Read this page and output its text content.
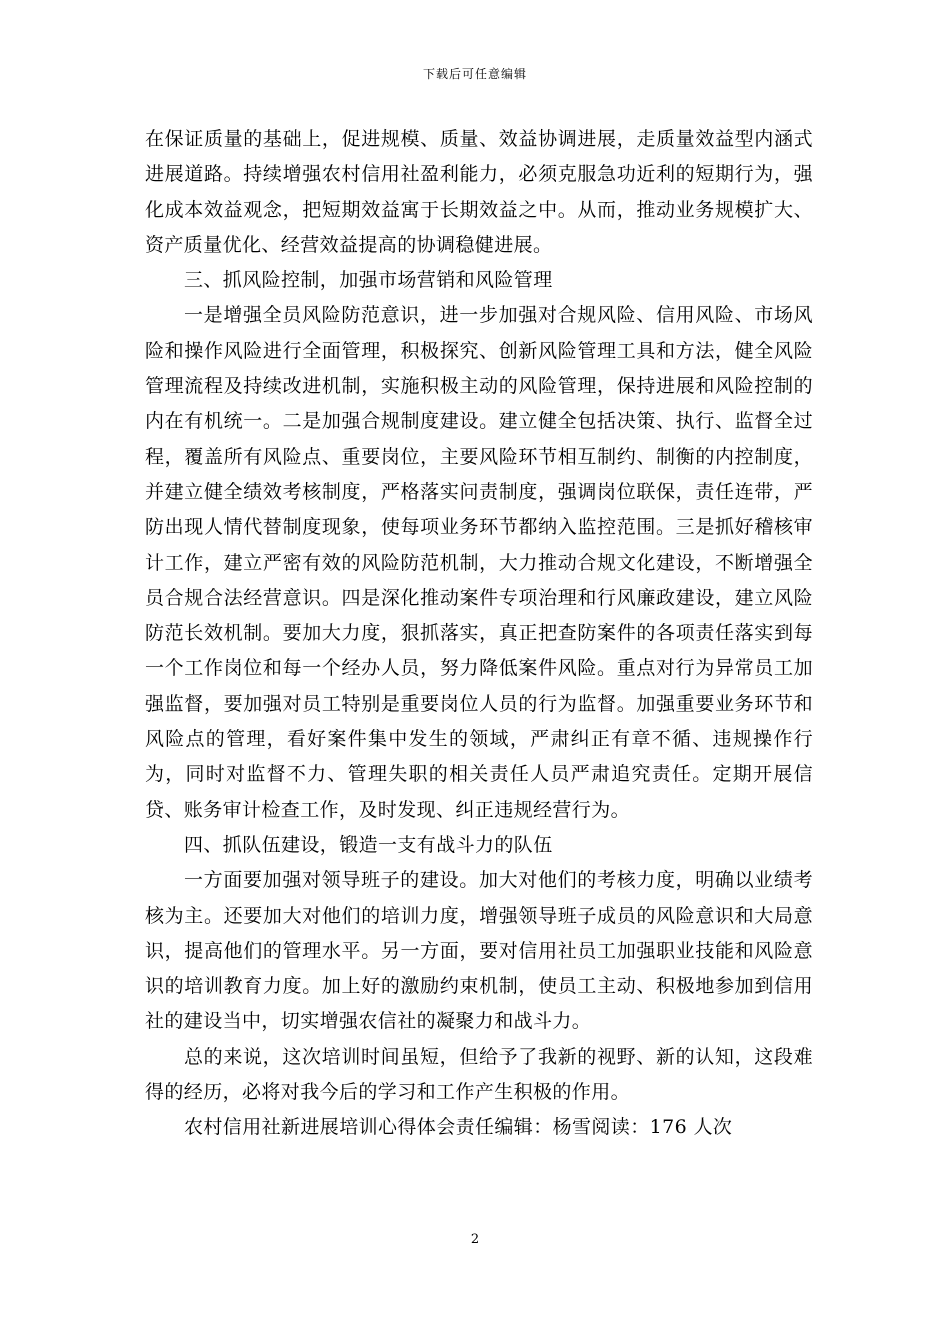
下载后可任意编辑

在保证质量的基础上，促进规模、质量、效益协调进展，走质量效益型内涵式进展道路。持续增强农村信用社盈利能力，必须克服急功近利的短期行为，强化成本效益观念，把短期效益寓于长期效益之中。从而，推动业务规模扩大、资产质量优化、经营效益提高的协调稳健进展。

三、抓风险控制，加强市场营销和风险管理

一是增强全员风险防范意识，进一步加强对合规风险、信用风险、市场风险和操作风险进行全面管理，积极探究、创新风险管理工具和方法，健全风险管理流程及持续改进机制，实施积极主动的风险管理，保持进展和风险控制的内在有机统一。二是加强合规制度建设。建立健全包括决策、执行、监督全过程，覆盖所有风险点、重要岗位，主要风险环节相互制约、制衡的内控制度，并建立健全绩效考核制度，严格落实问责制度，强调岗位联保，责任连带，严防出现人情代替制度现象，使每项业务环节都纳入监控范围。三是抓好稽核审计工作，建立严密有效的风险防范机制，大力推动合规文化建设，不断增强全员合规合法经营意识。四是深化推动案件专项治理和行风廉政建设，建立风险防范长效机制。要加大力度，狠抓落实，真正把查防案件的各项责任落实到每一个工作岗位和每一个经办人员，努力降低案件风险。重点对行为异常员工加强监督，要加强对员工特别是重要岗位人员的行为监督。加强重要业务环节和风险点的管理，看好案件集中发生的领域，严肃纠正有章不循、违规操作行为，同时对监督不力、管理失职的相关责任人员严肃追究责任。定期开展信贷、账务审计检查工作，及时发现、纠正违规经营行为。

四、抓队伍建设，锻造一支有战斗力的队伍

一方面要加强对领导班子的建设。加大对他们的考核力度，明确以业绩考核为主。还要加大对他们的培训力度，增强领导班子成员的风险意识和大局意识，提高他们的管理水平。另一方面，要对信用社员工加强职业技能和风险意识的培训教育力度。加上好的激励约束机制，使员工主动、积极地参加到信用社的建设当中，切实增强农信社的凝聚力和战斗力。

总的来说，这次培训时间虽短，但给予了我新的视野、新的认知，这段难得的经历，必将对我今后的学习和工作产生积极的作用。

农村信用社新进展培训心得体会责任编辑：杨雪阅读：176 人次

2
